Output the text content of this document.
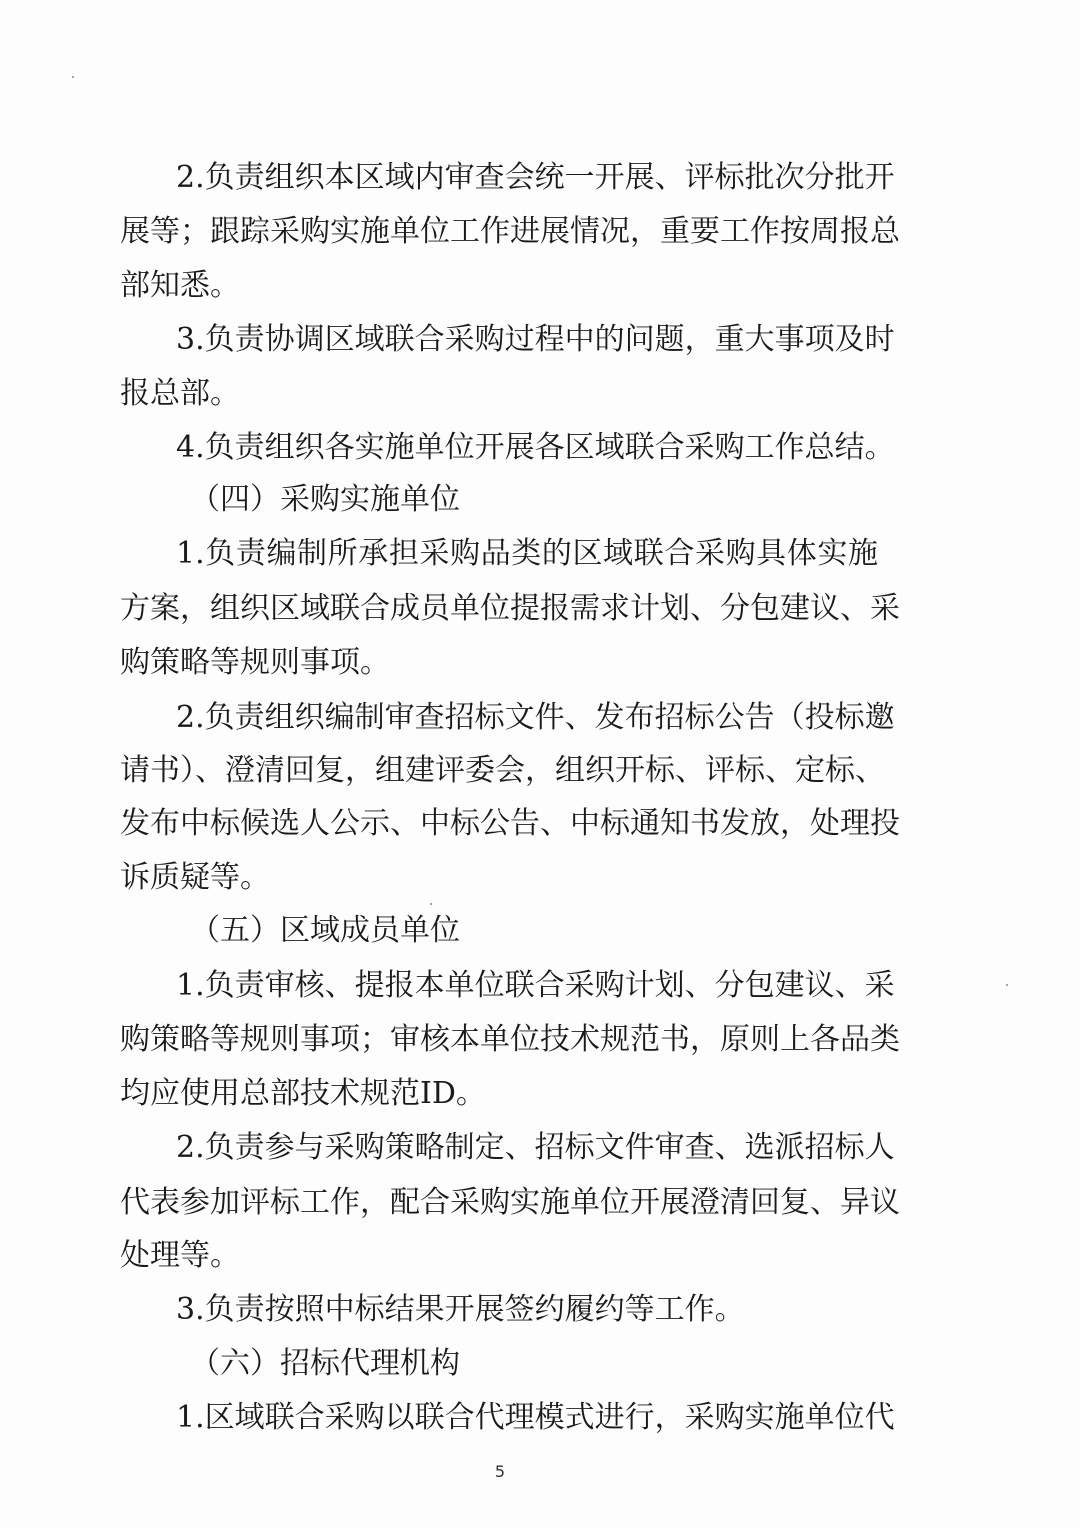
2.负责组织本区域内审查会统一开展、评标批次分批开
展等；跟踪采购实施单位工作进展情况，重要工作按周报总
部知悉。
3.负责协调区域联合采购过程中的问题，重大事项及时
报总部。
4.负责组织各实施单位开展各区域联合采购工作总结。
（四）采购实施单位
1.负责编制所承担采购品类的区域联合采购具体实施
方案，组织区域联合成员单位提报需求计划、分包建议、采
购策略等规则事项。
2.负责组织编制审查招标文件、发布招标公告（投标邀
请书）、澄清回复，组建评委会，组织开标、评标、定标、
发布中标候选人公示、中标公告、中标通知书发放，处理投
诉质疑等。
（五）区域成员单位
1.负责审核、提报本单位联合采购计划、分包建议、采
购策略等规则事项；审核本单位技术规范书，原则上各品类
均应使用总部技术规范ID。
2.负责参与采购策略制定、招标文件审查、选派招标人
代表参加评标工作，配合采购实施单位开展澄清回复、异议
处理等。
3.负责按照中标结果开展签约履约等工作。
（六）招标代理机构
1.区域联合采购以联合代理模式进行，采购实施单位代
5
